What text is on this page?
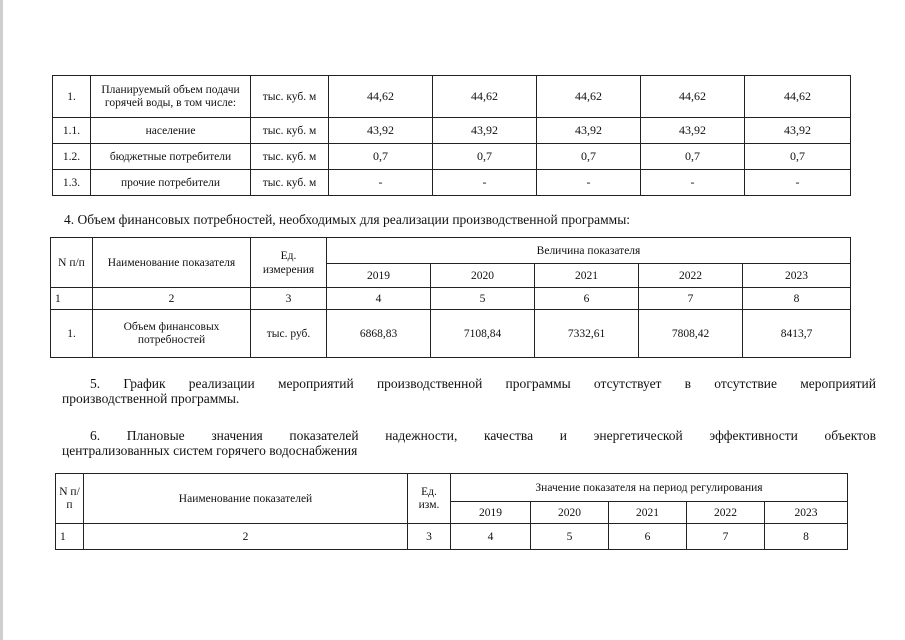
1.	Планируемый объем подачи горячей воды, в том числе:	тыс. куб. м	44,62	44,62	44,62	44,62	44,62
1.1.	население	тыс. куб. м	43,92	43,92	43,92	43,92	43,92
1.2.	бюджетные потребители	тыс. куб. м	0,7	0,7	0,7	0,7	0,7
1.3.	прочие потребители	тыс. куб. м	-	-	-	-	-
4. Объем финансовых потребностей, необходимых для реализации производственной программы:
N п/п	Наименование показателя	Ед. измерения	Величина показателя				
			2019	2020	2021	2022	2023
1	2	3	4	5	6	7	8
1.	Объем финансовых потребностей	тыс. руб.	6868,83	7108,84	7332,61	7808,42	8413,7

5. График реализации мероприятий производственной программы отсутствует в отсутствие мероприятий

производственной программы.

6. Плановые значения показателей надежности, качества и энергетической эффективности объектов

централизованных систем горячего водоснабжения

N п/п	Наименование показателей	Ед. изм.	Значение показателя на период регулирования				
			2019	2020	2021	2022	2023
1	2	3	4	5	6	7	8
